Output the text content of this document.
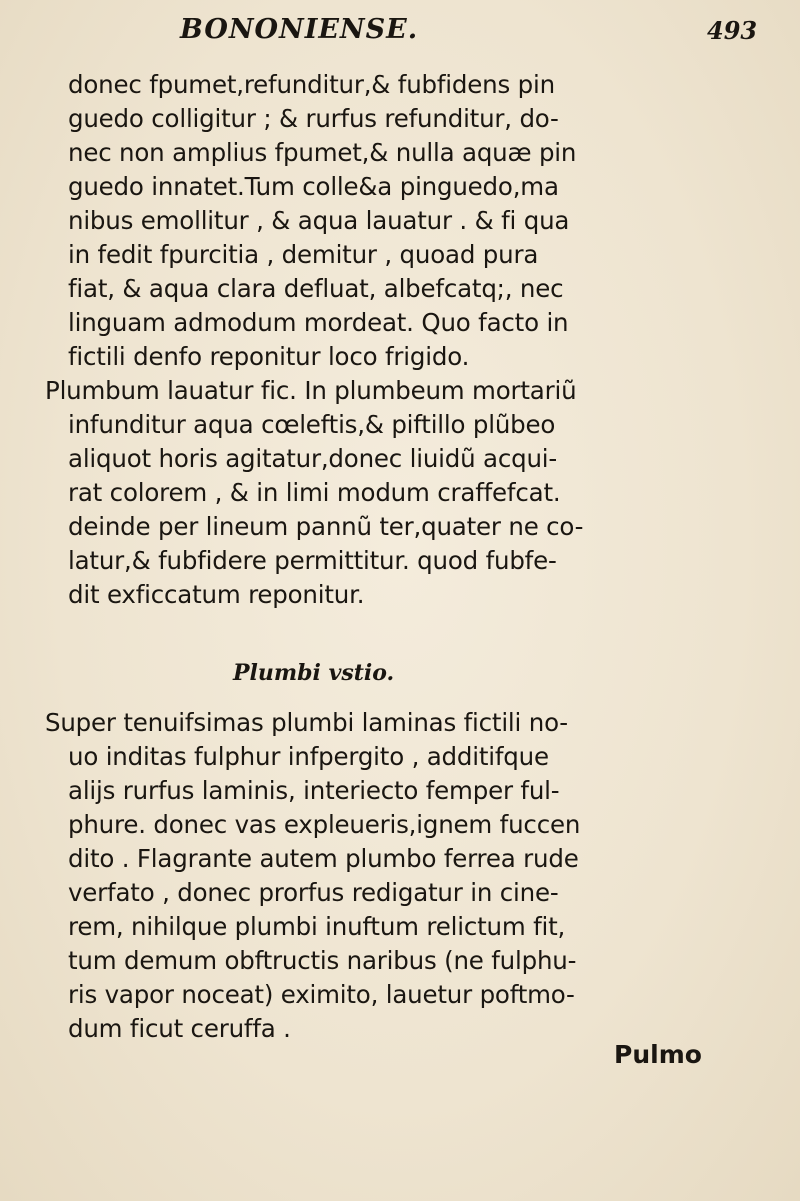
BONONIENSE.	493
donec fpumet,refunditur,& fubfidens pin
guedo colligitur ; & rurfus refunditur, do-
nec non amplius fpumet,& nulla aquæ pin
guedo innatet.Tum colle&a pinguedo,ma
nibus emollitur , & aqua lauatur . & fi qua
in fedit fpurcitia , demitur , quoad pura
fiat, & aqua clara defluat, albefcatq;, nec
linguam admodum mordeat. Quo facto in
fictili denfo reponitur loco frigido.
Plumbum lauatur fic. In plumbeum mortariũ
infunditur aqua cœleftis,& piftillo plũbeo
aliquot horis agitatur,donec liuidũ acqui-
rat colorem , & in limi modum craffefcat.
deinde per lineum pannũ ter,quater ne co-
latur,& fubfidere permittitur. quod fubfe-
dit exficcatum reponitur.
Plumbi vstio.
Super tenuifsimas plumbi laminas fictili no-
uo inditas fulphur infpergito , additifque
alijs rurfus laminis, interiecto femper ful-
phure. donec vas expleueris,ignem fuccen
dito . Flagrante autem plumbo ferrea rude
verfato , donec prorfus redigatur in cine-
rem, nihilque plumbi inuftum relictum fit,
tum demum obftructis naribus (ne fulphu-
ris vapor noceat) eximito, lauetur poftmo-
dum ficut ceruffa .
Pulmo
